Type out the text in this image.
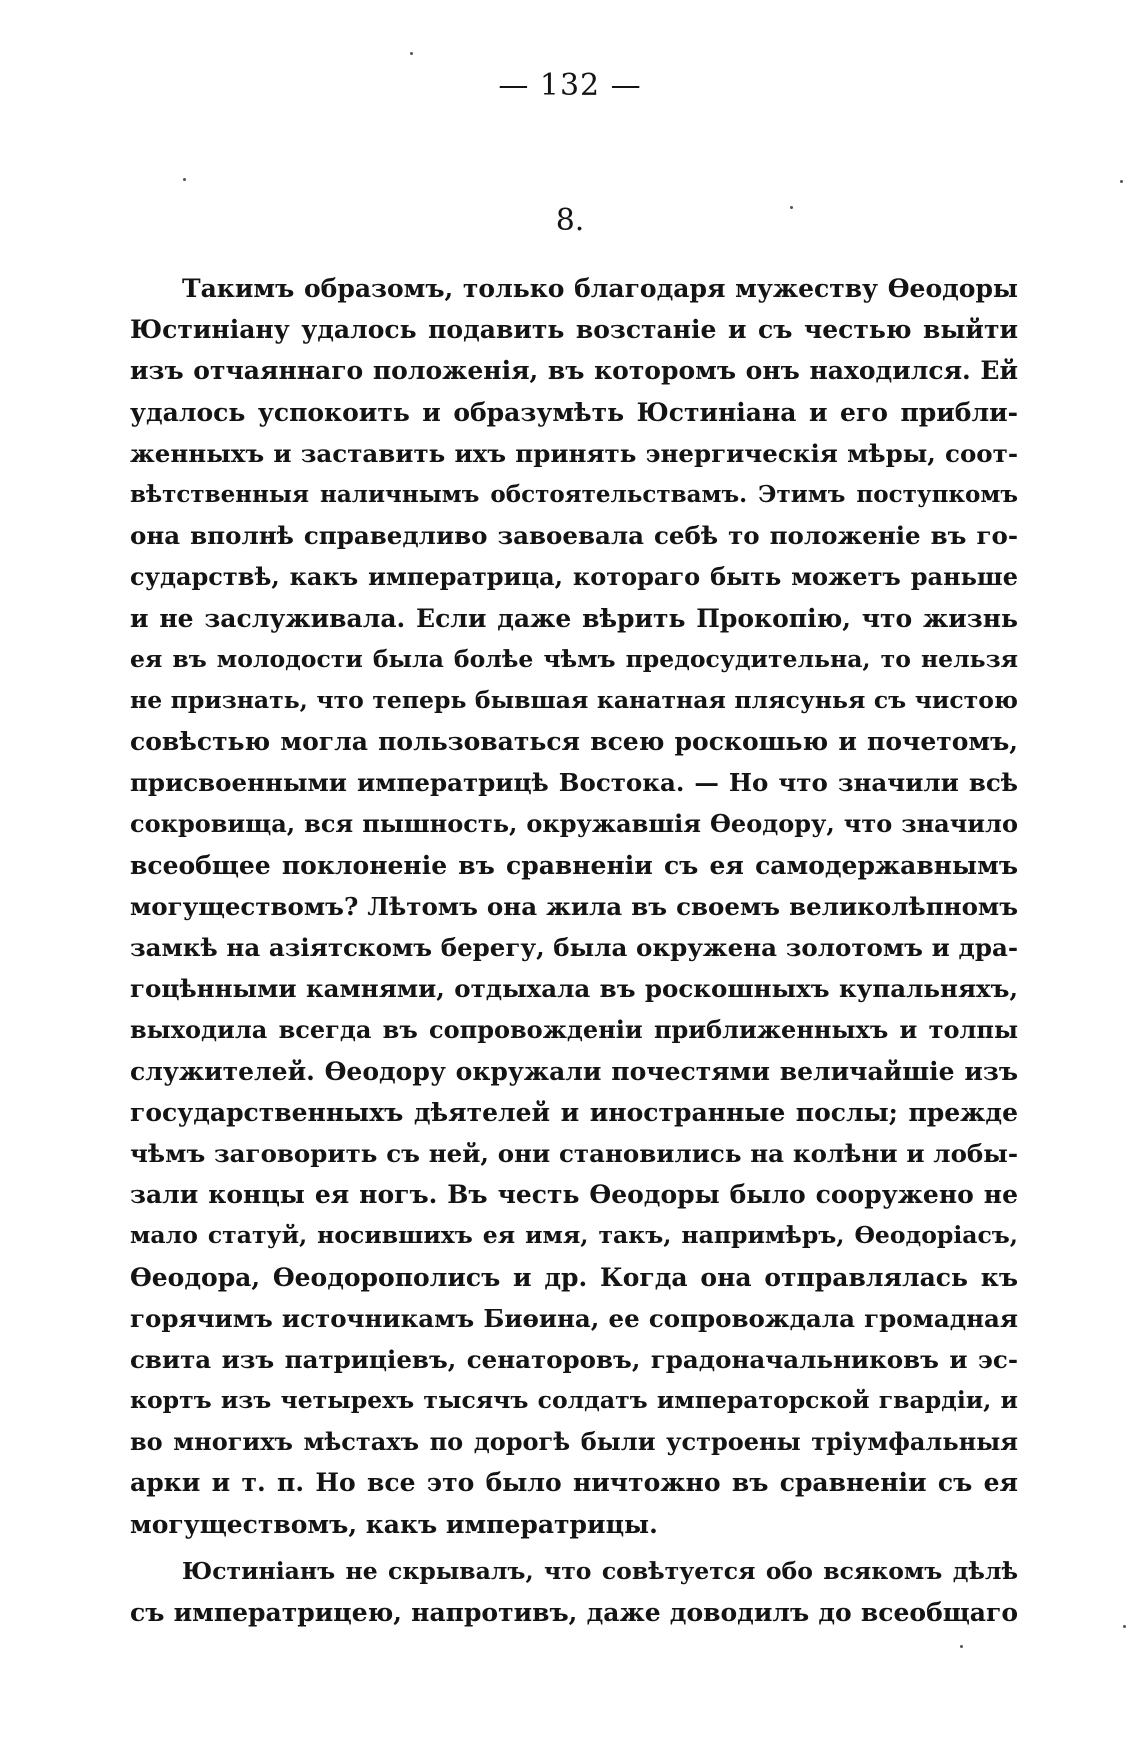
— 132 —
8.
Такимъ образомъ, только благодаря мужеству Өеодоры
Юстиніану удалось подавить возстаніе и съ честью выйти
изъ отчаяннаго положенія, въ которомъ онъ находился. Ей
удалось успокоить и образумѣть Юстиніана и его прибли-
женныхъ и заставить ихъ принять энергическія мѣры, соот-
вѣтственныя наличнымъ обстоятельствамъ. Этимъ поступкомъ
она вполнѣ справедливо завоевала себѣ то положеніе въ го-
сударствѣ, какъ императрица, котораго быть можетъ раньше
и не заслуживала. Если даже вѣрить Прокопію, что жизнь
ея въ молодости была болѣе чѣмъ предосудительна, то нельзя
не признать, что теперь бывшая канатная плясунья съ чистою
совѣстью могла пользоваться всею роскошью и почетомъ,
присвоенными императрицѣ Востока. — Но что значили всѣ
сокровища, вся пышность, окружавшія Өеодору, что значило
всеобщее поклоненіе въ сравненіи съ ея самодержавнымъ
могуществомъ? Лѣтомъ она жила въ своемъ великолѣпномъ
замкѣ на азіятскомъ берегу, была окружена золотомъ и дра-
гоцѣнными камнями, отдыхала въ роскошныхъ купальняхъ,
выходила всегда въ сопровожденіи приближенныхъ и толпы
служителей. Өеодору окружали почестями величайшіе изъ
государственныхъ дѣятелей и иностранные послы; прежде
чѣмъ заговорить съ ней, они становились на колѣни и лобы-
зали концы ея ногъ. Въ честь Өеодоры было сооружено не
мало статуй, носившихъ ея имя, такъ, напримѣръ, Өеодоріасъ,
Өеодора, Өеодорополисъ и др. Когда она отправлялась къ
горячимъ источникамъ Биөина, ее сопровождала громадная
свита изъ патриціевъ, сенаторовъ, градоначальниковъ и эс-
кортъ изъ четырехъ тысячъ солдатъ императорской гвардіи, и
во многихъ мѣстахъ по дорогѣ были устроены тріумфальныя
арки и т. п. Но все это было ничтожно въ сравненіи съ ея
могуществомъ, какъ императрицы.
Юстиніанъ не скрывалъ, что совѣтуется обо всякомъ дѣлѣ
съ императрицею, напротивъ, даже доводилъ до всеобщаго
